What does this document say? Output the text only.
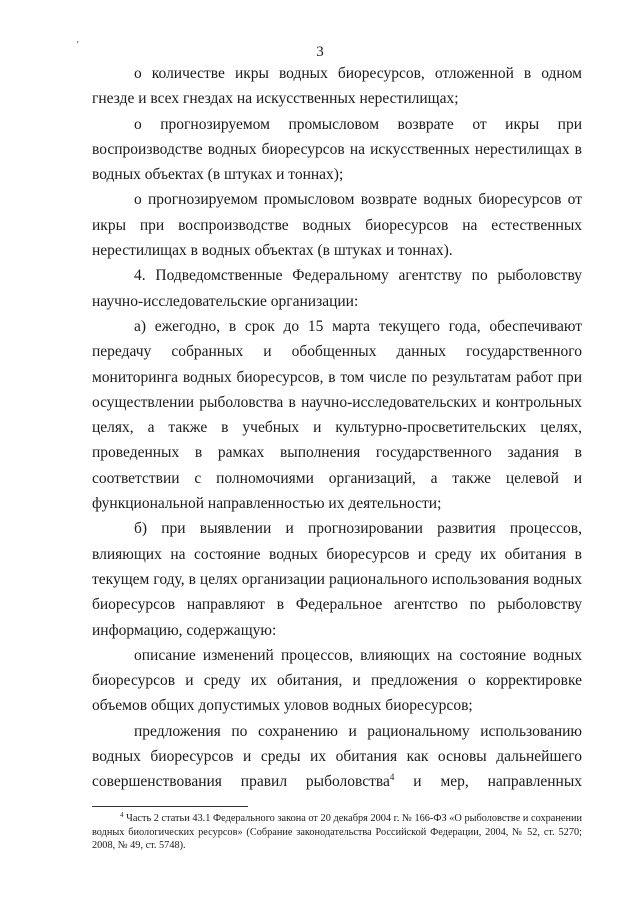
’	3

о количестве икры водных биоресурсов, отложенной в одном гнезде и всех гнездах на искусственных нерестилищах;

о прогнозируемом промысловом возврате от икры при воспроизводстве водных биоресурсов на искусственных нерестилищах в водных объектах (в штуках и тоннах);

о прогнозируемом промысловом возврате водных биоресурсов от икры при воспроизводстве водных биоресурсов на естественных нерестилищах в водных объектах (в штуках и тоннах).

4. Подведомственные Федеральному агентству по рыболовству научно-исследовательские организации:

а) ежегодно, в срок до 15 марта текущего года, обеспечивают передачу собранных и обобщенных данных государственного мониторинга водных биоресурсов, в том числе по результатам работ при осуществлении рыболовства в научно-исследовательских и контрольных целях, а также в учебных и культурно-просветительских целях, проведенных в рамках выполнения государственного задания в соответствии с полномочиями организаций, а также целевой и функциональной направленностью их деятельности;

б) при выявлении и прогнозировании развития процессов, влияющих на состояние водных биоресурсов и среду их обитания в текущем году, в целях организации рационального использования водных биоресурсов направляют в Федеральное агентство по рыболовству информацию, содержащую:

описание изменений процессов, влияющих на состояние водных биоресурсов и среду их обитания, и предложения о корректировке объемов общих допустимых уловов водных биоресурсов;

предложения по сохранению и рациональному использованию водных биоресурсов и среды их обитания как основы дальнейшего совершенствования правил рыболовства$^4$ и мер, направленных

$^4$ Часть 2 статьи 43.1 Федерального закона от 20 декабря 2004 г. № 166-ФЗ «О рыболовстве и сохранении водных биологических ресурсов» (Собрание законодательства Российской Федерации, 2004, № 52, ст. 5270; 2008, № 49, ст. 5748).
